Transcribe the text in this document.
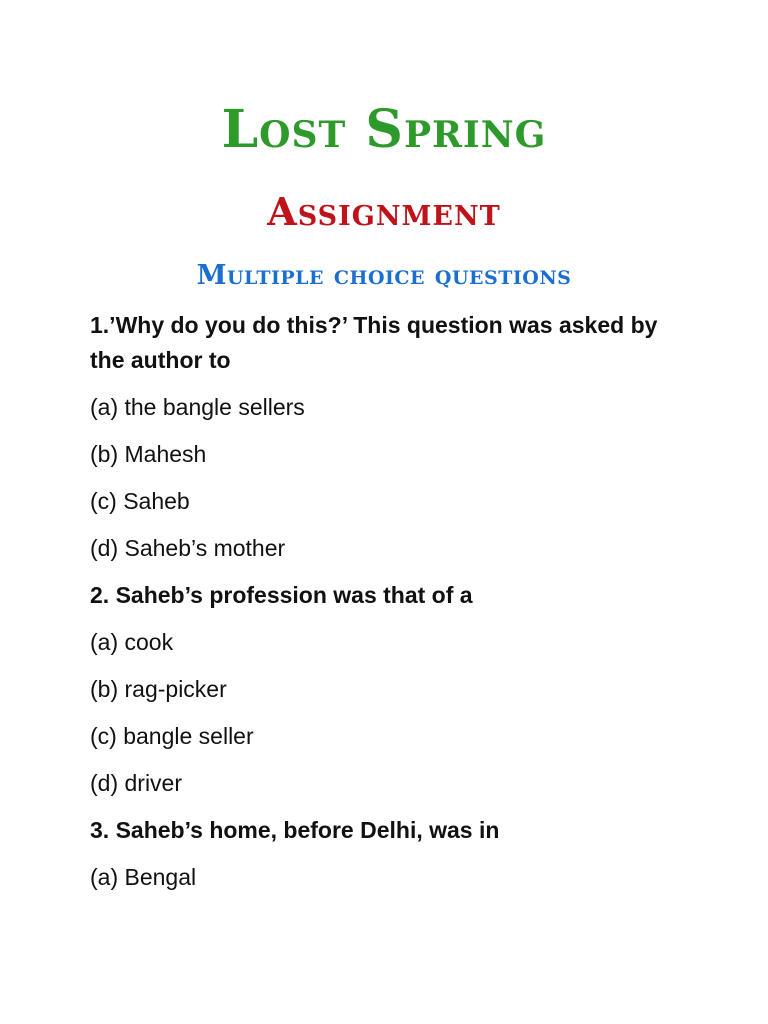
Lost Spring
Assignment
Multiple choice questions
1.’Why do you do this?’ This question was asked by the author to
(a) the bangle sellers
(b) Mahesh
(c) Saheb
(d) Saheb’s mother
2. Saheb’s profession was that of a
(a) cook
(b) rag-picker
(c) bangle seller
(d) driver
3. Saheb’s home, before Delhi, was in
(a) Bengal
